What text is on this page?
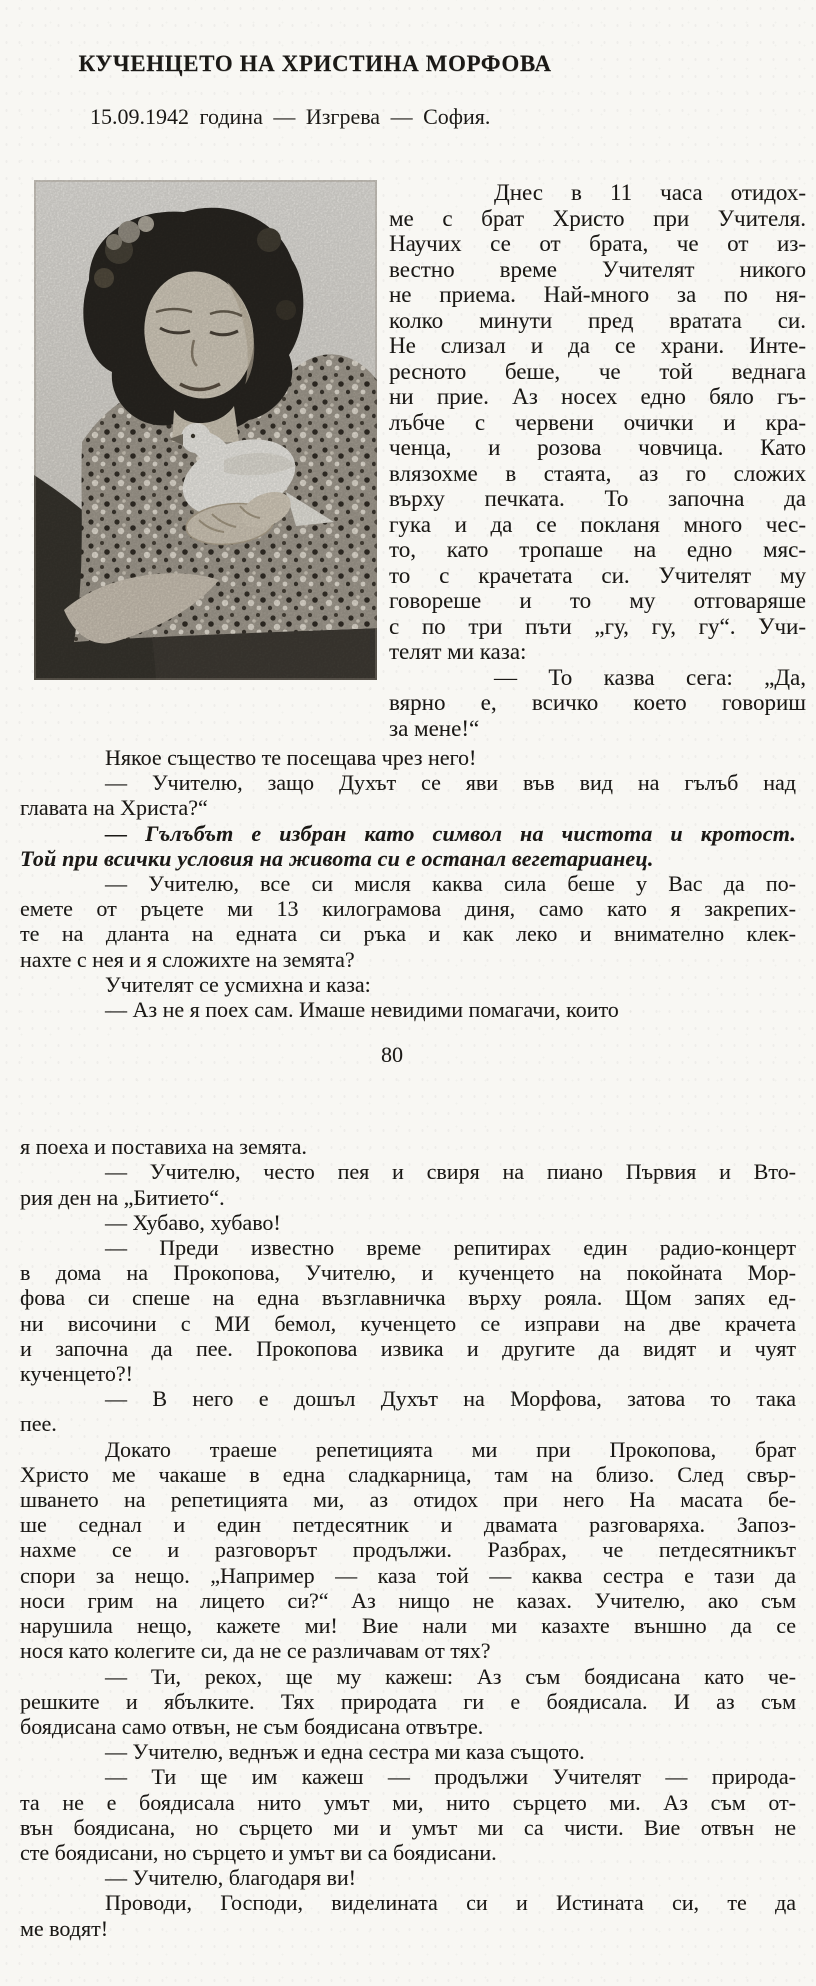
КУЧЕНЦЕТО НА ХРИСТИНА МОРФОВА
15.09.1942 година — Изгрева — София.
Днес в 11 часа отидох-
ме с брат Христо при Учителя.
Научих се от брата, че от из-
вестно време Учителят никого
не приема. Най-много за по ня-
колко минути пред вратата си.
Не слизал и да се храни. Инте-
ресното беше, че той веднага
ни прие. Аз носех едно бяло гъ-
лъбче с червени очички и кра-
ченца, и розова човчица. Като
влязохме в стаята, аз го сложих
върху печката. То започна да
гука и да се покланя много чес-
то, като тропаше на едно мяс-
то с крачетата си. Учителят му
говореше и то му отговаряше
с по три пъти „гу, гу, гу“. Учи-
телят ми каза:
— То казва сега: „Да,
вярно е, всичко което говориш
за мене!“
Някое същество те посещава чрез него!
— Учителю, защо Духът се яви във вид на гълъб над
главата на Христа?“
— Гълъбът е избран като символ на чистота и кротост.
Той при всички условия на живота си е останал вегетарианец.
— Учителю, все си мисля каква сила беше у Вас да по-
емете от ръцете ми 13 килограмова диня, само като я закрепих-
те на дланта на едната си ръка и как леко и внимателно клек-
нахте с нея и я сложихте на земята?
Учителят се усмихна и каза:
— Аз не я поех сам. Имаше невидими помагачи, които
80
я поеха и поставиха на земята.
— Учителю, често пея и свиря на пиано Първия и Вто-
рия ден на „Битието“.
— Хубаво, хубаво!
— Преди известно време репитирах един радио-концерт
в дома на Прокопова, Учителю, и кученцето на покойната Мор-
фова си спеше на една възглавничка върху рояла. Щом запях ед-
ни височини с МИ бемол, кученцето се изправи на две крачета
и започна да пее. Прокопова извика и другите да видят и чуят
кученцето?!
— В него е дошъл Духът на Морфова, затова то така
пее.
Докато траеше репетицията ми при Прокопова, брат
Христо ме чакаше в една сладкарница, там на близо. След свър-
шването на репетицията ми, аз отидох при него На масата бе-
ше седнал и един петдесятник и двамата разговаряха. Запоз-
нахме се и разговорът продължи. Разбрах, че петдесятникът
спори за нещо. „Например — каза той — каква сестра е тази да
носи грим на лицето си?“ Аз нищо не казах. Учителю, ако съм
нарушила нещо, кажете ми! Вие нали ми казахте външно да се
нося като колегите си, да не се различавам от тях?
— Ти, рекох, ще му кажеш: Аз съм боядисана като че-
решките и ябълките. Тях природата ги е боядисала. И аз съм
боядисана само отвън, не съм боядисана отвътре.
— Учителю, веднъж и една сестра ми каза същото.
— Ти ще им кажеш — продължи Учителят — природа-
та не е боядисала нито умът ми, нито сърцето ми. Аз съм от-
вън боядисана, но сърцето ми и умът ми са чисти. Вие отвън не
сте боядисани, но сърцето и умът ви са боядисани.
— Учителю, благодаря ви!
Проводи, Господи, виделината си и Истината си, те да
ме водят!
